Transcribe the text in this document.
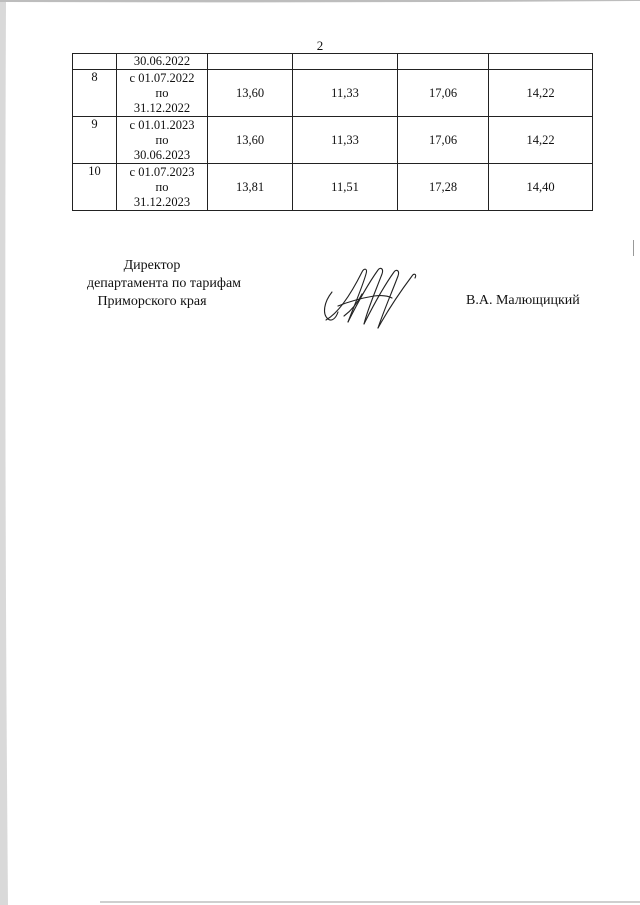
2

	30.06.2022				

8	с 01.07.2022
по
31.12.2022	13,60	11,33	17,06	14,22
9	с 01.01.2023
по
30.06.2023	13,60	11,33	17,06	14,22
10	с 01.07.2023
по
31.12.2023	13,81	11,51	17,28	14,40
Директор
департамента по тарифам
Приморского края	В.А. Малющицкий
